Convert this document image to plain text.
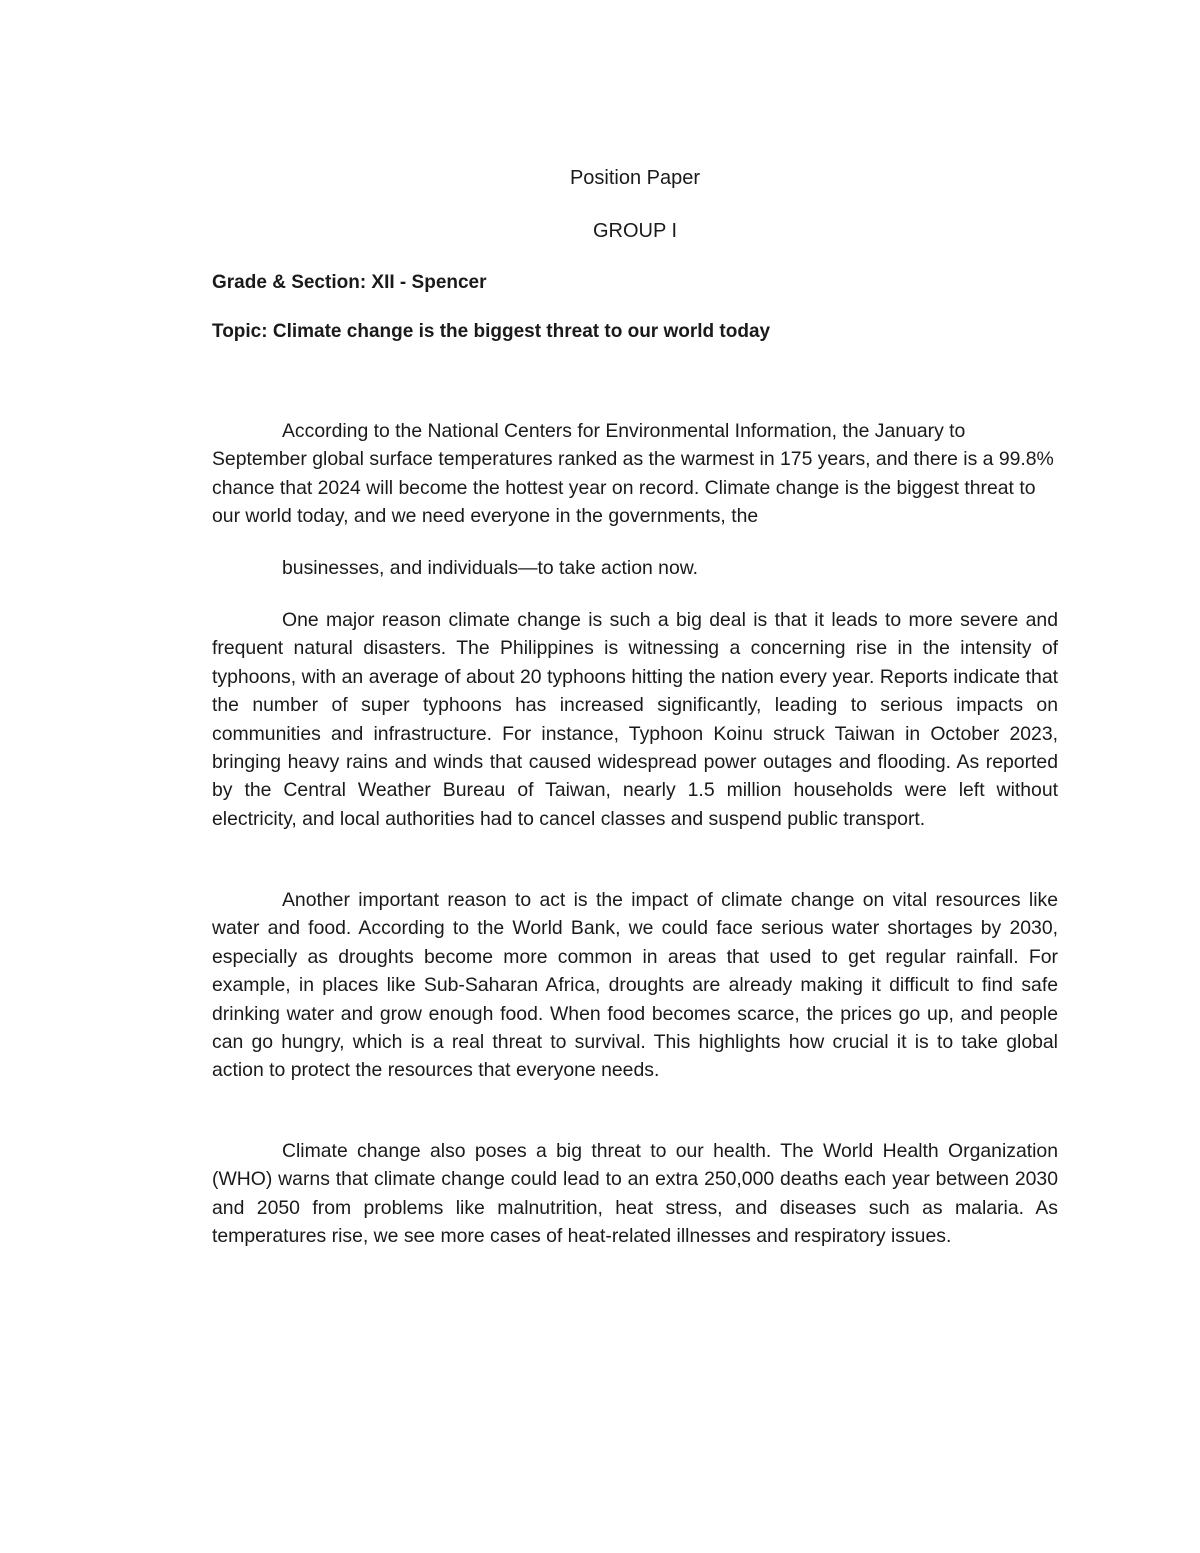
Position Paper

GROUP I

Grade & Section: XII - Spencer

Topic: Climate change is the biggest threat to our world today

According to the National Centers for Environmental Information, the January to September global surface temperatures ranked as the warmest in 175 years, and there is a 99.8% chance that 2024 will become the hottest year on record. Climate change is the biggest threat to our world today, and we need everyone in the governments, the

businesses, and individuals—to take action now.

One major reason climate change is such a big deal is that it leads to more severe and frequent natural disasters. The Philippines is witnessing a concerning rise in the intensity of typhoons, with an average of about 20 typhoons hitting the nation every year. Reports indicate that the number of super typhoons has increased significantly, leading to serious impacts on communities and infrastructure. For instance, Typhoon Koinu struck Taiwan in October 2023, bringing heavy rains and winds that caused widespread power outages and flooding. As reported by the Central Weather Bureau of Taiwan, nearly 1.5 million households were left without electricity, and local authorities had to cancel classes and suspend public transport.

Another important reason to act is the impact of climate change on vital resources like water and food. According to the World Bank, we could face serious water shortages by 2030, especially as droughts become more common in areas that used to get regular rainfall. For example, in places like Sub-Saharan Africa, droughts are already making it difficult to find safe drinking water and grow enough food. When food becomes scarce, the prices go up, and people can go hungry, which is a real threat to survival. This highlights how crucial it is to take global action to protect the resources that everyone needs.

Climate change also poses a big threat to our health. The World Health Organization (WHO) warns that climate change could lead to an extra 250,000 deaths each year between 2030 and 2050 from problems like malnutrition, heat stress, and diseases such as malaria. As temperatures rise, we see more cases of heat-related illnesses and respiratory issues.
